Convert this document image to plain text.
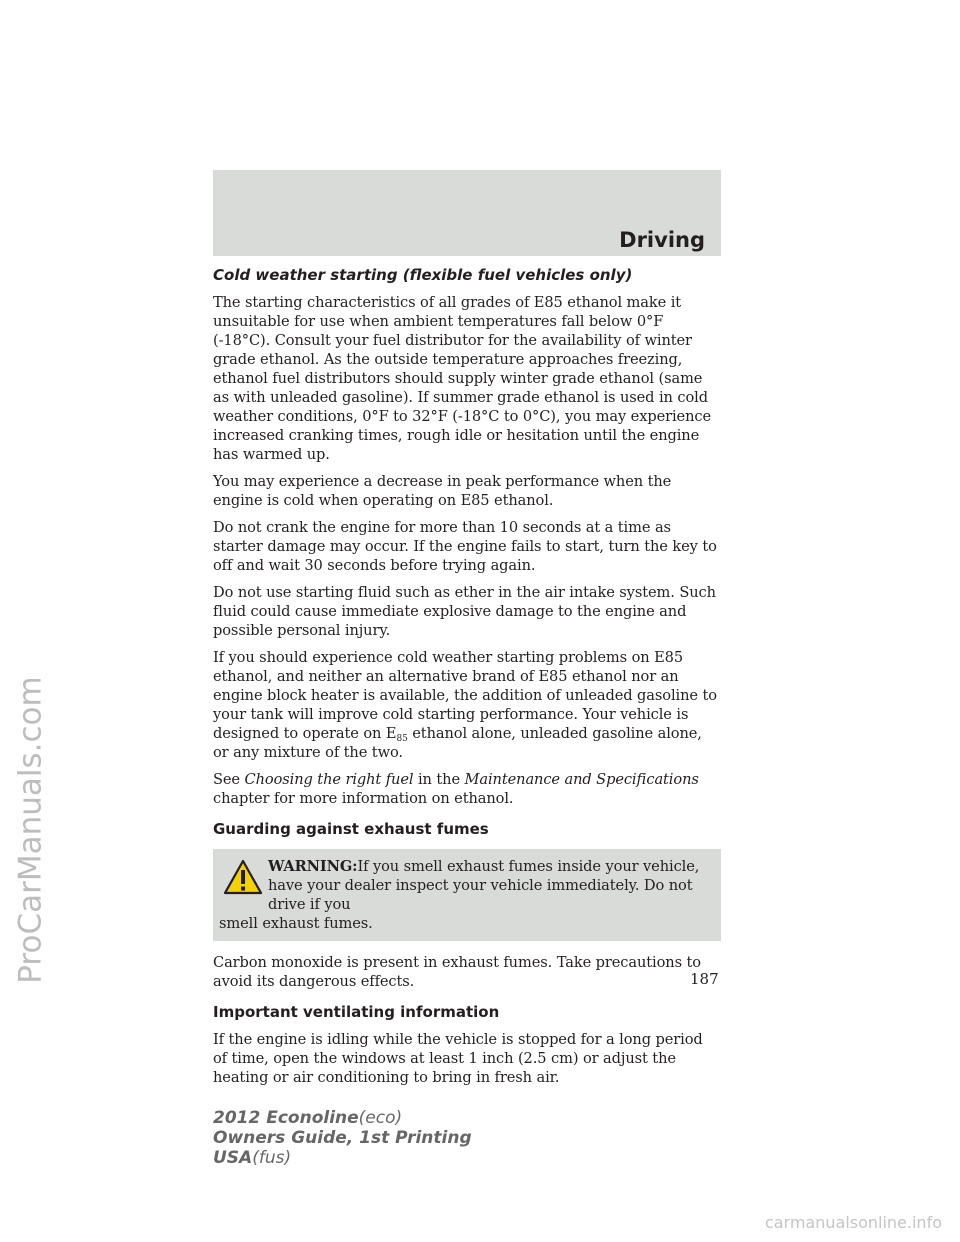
ProCarManuals.com
Driving
Cold weather starting (flexible fuel vehicles only)

The starting characteristics of all grades of E85 ethanol make it unsuitable for use when ambient temperatures fall below 0°F (-18°C). Consult your fuel distributor for the availability of winter grade ethanol. As the outside temperature approaches freezing, ethanol fuel distributors should supply winter grade ethanol (same as with unleaded gasoline). If summer grade ethanol is used in cold weather conditions, 0°F to 32°F (-18°C to 0°C), you may experience increased cranking times, rough idle or hesitation until the engine has warmed up.

You may experience a decrease in peak performance when the engine is cold when operating on E85 ethanol.

Do not crank the engine for more than 10 seconds at a time as starter damage may occur. If the engine fails to start, turn the key to off and wait 30 seconds before trying again.

Do not use starting fluid such as ether in the air intake system. Such fluid could cause immediate explosive damage to the engine and possible personal injury.

If you should experience cold weather starting problems on E85 ethanol, and neither an alternative brand of E85 ethanol nor an engine block heater is available, the addition of unleaded gasoline to your tank will improve cold starting performance. Your vehicle is designed to operate on $E_{85}$ ethanol alone, unleaded gasoline alone, or any mixture of the two.

See Choosing the right fuel in the Maintenance and Specifications chapter for more information on ethanol.

Guarding against exhaust fumes

WARNING:If you smell exhaust fumes inside your vehicle, have your dealer inspect your vehicle immediately. Do not drive if you

smell exhaust fumes.

Carbon monoxide is present in exhaust fumes. Take precautions to avoid its dangerous effects.

Important ventilating information

If the engine is idling while the vehicle is stopped for a long period of time, open the windows at least 1 inch (2.5 cm) or adjust the heating or air conditioning to bring in fresh air.

187
2012 Econoline(eco)
Owners Guide, 1st Printing
USA(fus)
carmanualsonline.info
